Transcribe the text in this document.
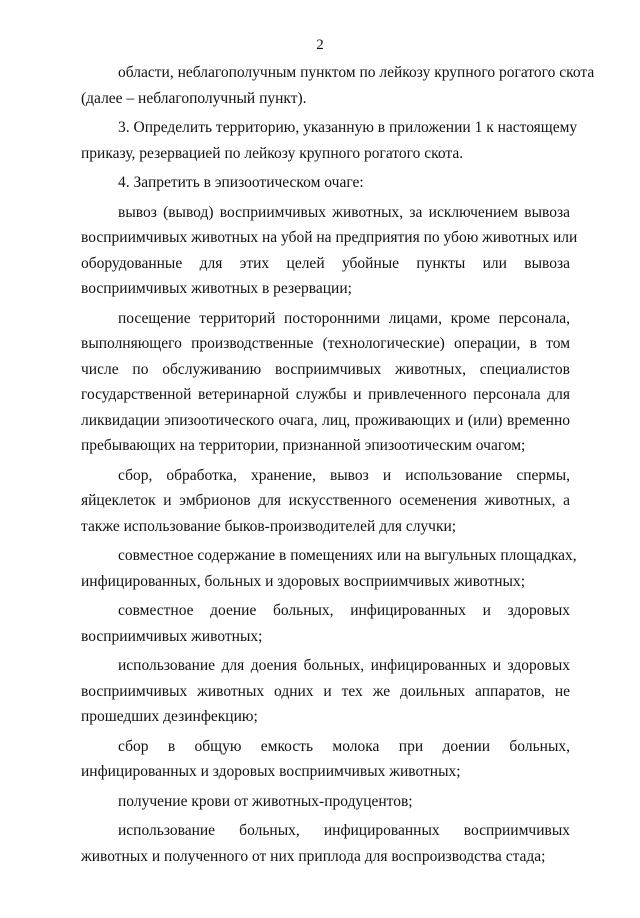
2
области, неблагополучным пунктом по лейкозу крупного рогатого скота
(далее – неблагополучный пункт).
3. Определить территорию, указанную в приложении 1 к настоящему
приказу, резервацией по лейкозу крупного рогатого скота.
4. Запретить в эпизоотическом очаге:
вывоз (вывод) восприимчивых животных, за исключением вывоза
восприимчивых животных на убой на предприятия по убою животных или
оборудованные для этих целей убойные пункты или вывоза
восприимчивых животных в резервации;
посещение территорий посторонними лицами, кроме персонала,
выполняющего производственные (технологические) операции, в том
числе по обслуживанию восприимчивых животных, специалистов
государственной ветеринарной службы и привлеченного персонала для
ликвидации эпизоотического очага, лиц, проживающих и (или) временно
пребывающих на территории, признанной эпизоотическим очагом;
сбор, обработка, хранение, вывоз и использование спермы,
яйцеклеток и эмбрионов для искусственного осеменения животных, а
также использование быков-производителей для случки;
совместное содержание в помещениях или на выгульных площадках,
инфицированных, больных и здоровых восприимчивых животных;
совместное доение больных, инфицированных и здоровых
восприимчивых животных;
использование для доения больных, инфицированных и здоровых
восприимчивых животных одних и тех же доильных аппаратов, не
прошедших дезинфекцию;
сбор в общую емкость молока при доении больных,
инфицированных и здоровых восприимчивых животных;
получение крови от животных-продуцентов;
использование больных, инфицированных восприимчивых
животных и полученного от них приплода для воспроизводства стада;
